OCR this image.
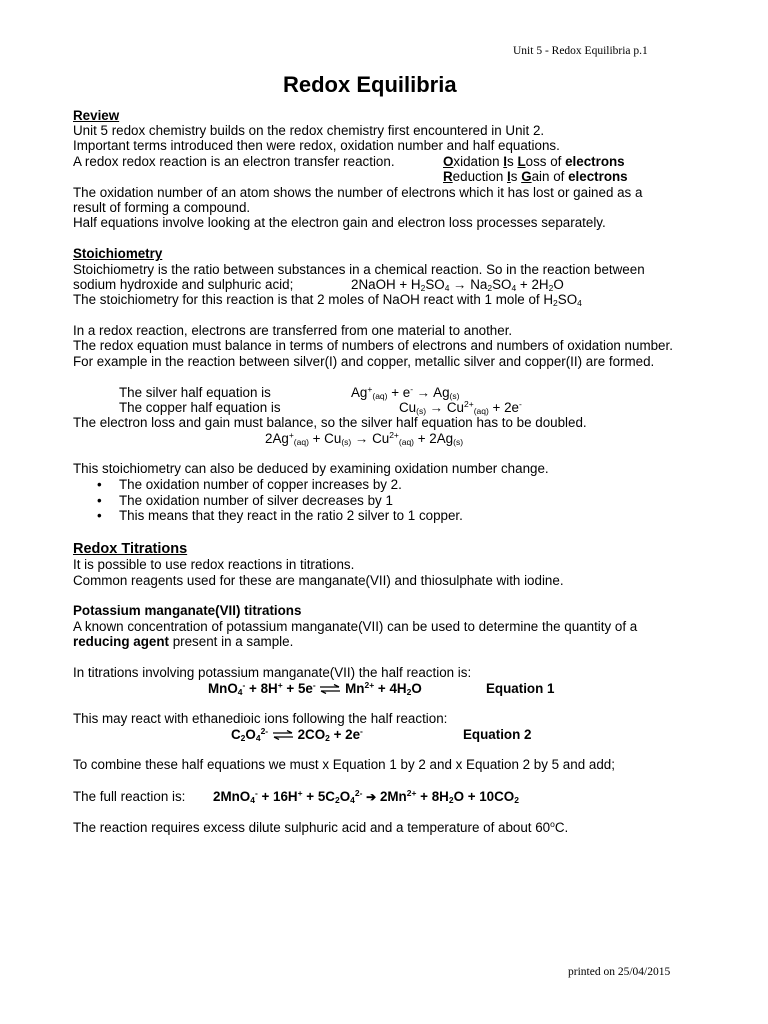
Unit 5 - Redox Equilibria p.1
Redox Equilibria
Review
Unit 5 redox chemistry builds on the redox chemistry first encountered in Unit 2.
Important terms introduced then were redox, oxidation number and half equations.
A redox redox reaction is an electron transfer reaction.	Oxidation Is Loss of electrons
Reduction Is Gain of electrons
The oxidation number of an atom shows the number of electrons which it has lost or gained as a
result of forming a compound.
Half equations involve looking at the electron gain and electron loss processes separately.
Stoichiometry
Stoichiometry is the ratio between substances in a chemical reaction. So in the reaction between
sodium hydroxide and sulphuric acid;	2NaOH + $H_2SO_4 \to Na_2SO_4 + 2H_2O$
The stoichiometry for this reaction is that 2 moles of NaOH react with 1 mole of $H_2SO_4$
In a redox reaction, electrons are transferred from one material to another.
The redox equation must balance in terms of numbers of electrons and numbers of oxidation number.
For example in the reaction between silver(I) and copper, metallic silver and copper(II) are formed.
The silver half equation is	$Ag^+_{(aq)} + e^- \to Ag_{(s)}$
The copper half equation is	$Cu_{(s)} \to Cu^{2+}_{(aq)} + 2e^-$
The electron loss and gain must balance, so the silver half equation has to be doubled.
$2Ag^+_{(aq)} + Cu_{(s)} \to Cu^{2+}_{(aq)} + 2Ag_{(s)}$
This stoichiometry can also be deduced by examining oxidation number change.
• The oxidation number of copper increases by 2.
• The oxidation number of silver decreases by 1
• This means that they react in the ratio 2 silver to 1 copper.
Redox Titrations
It is possible to use redox reactions in titrations.
Common reagents used for these are manganate(VII) and thiosulphate with iodine.
Potassium manganate(VII) titrations
A known concentration of potassium manganate(VII) can be used to determine the quantity of a
reducing agent present in a sample.
In titrations involving potassium manganate(VII) the half reaction is:
MnO$_4$- + 8H+ + 5e- ⇌ $Mn^{2+} + 4H_2O$	Equation 1
This may react with ethanedioic ions following the half reaction:
$C_2O_4^{2-}$ ⇌ $2CO_2 + 2e^-$	Equation 2
To combine these half equations we must x Equation 1 by 2 and x Equation 2 by 5 and add;
The full reaction is: $2MnO_4^- + 16H^+ + 5C_2O_4^{2-}$ ➔ $2Mn^{2+} + 8H_2O + 10CO_2$
The reaction requires excess dilute sulphuric acid and a temperature of about 60$^o$C.
printed on 25/04/2015
